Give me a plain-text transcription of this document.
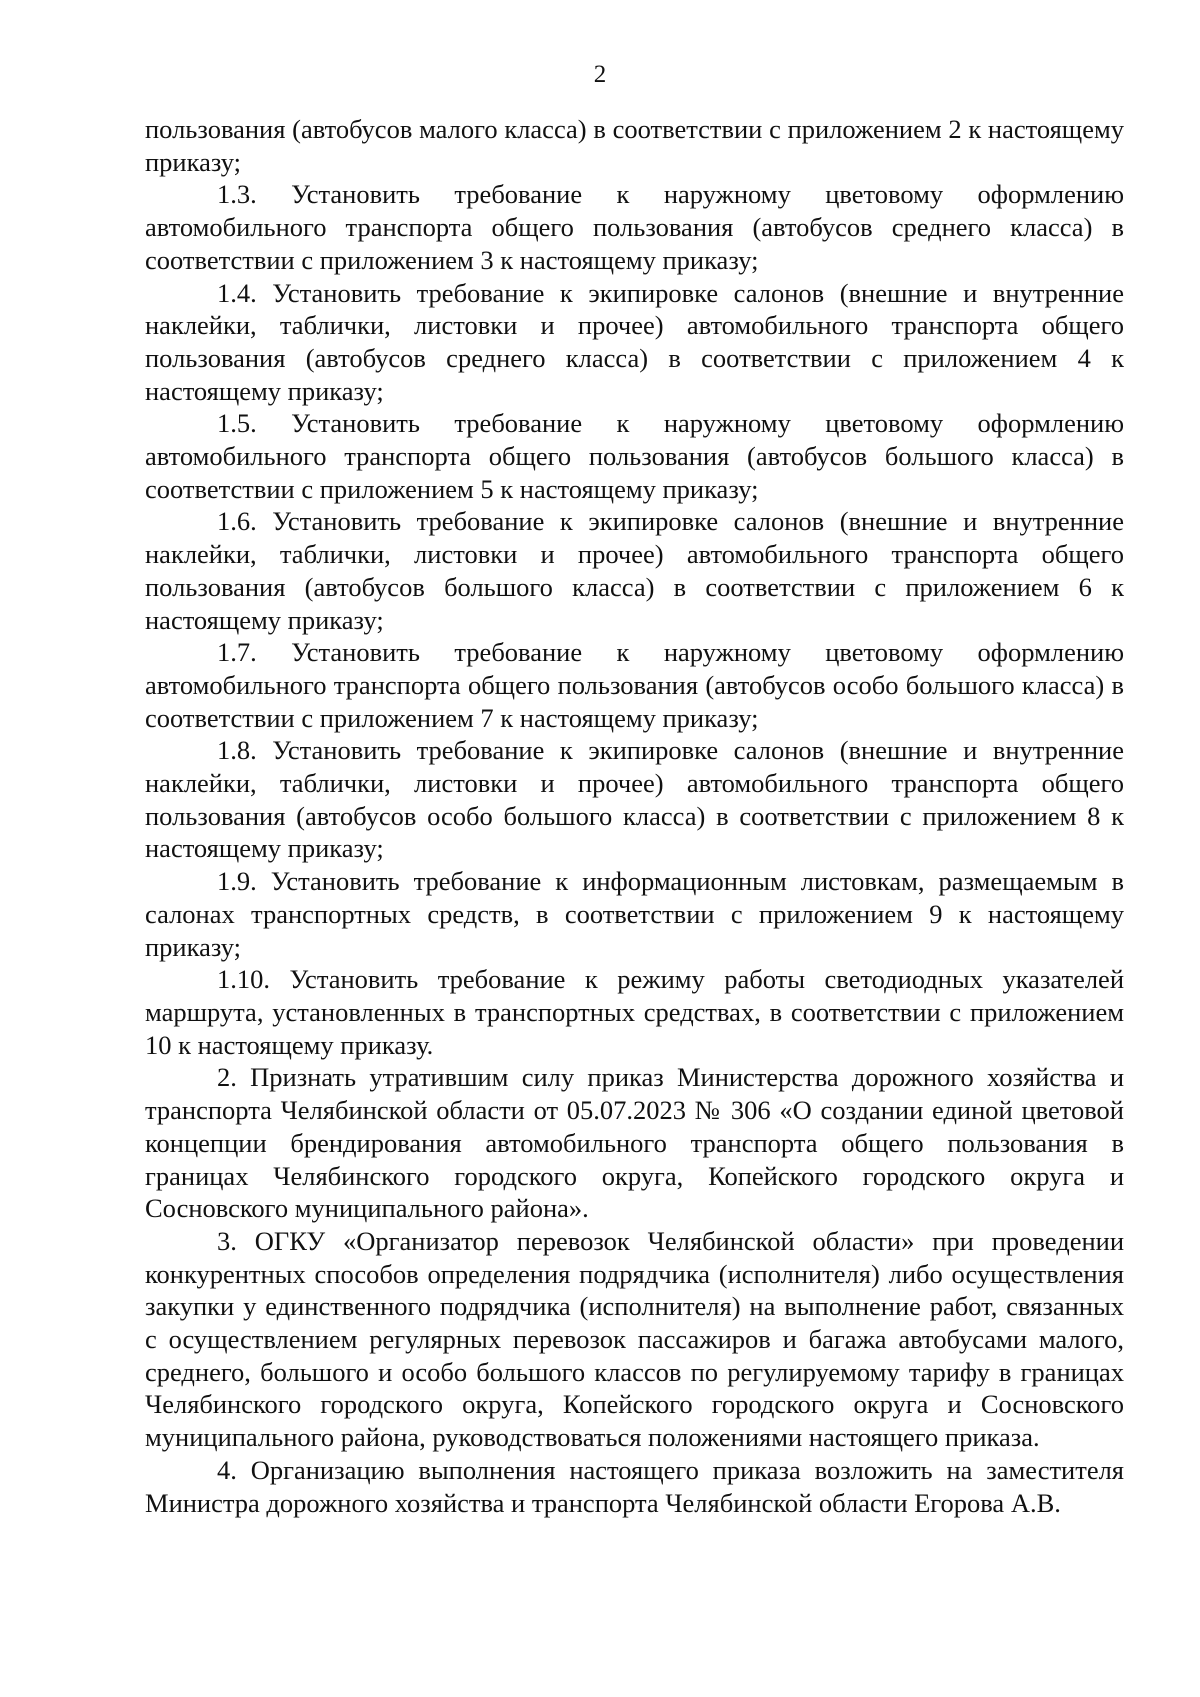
2

пользования (автобусов малого класса) в соответствии с приложением 2 к настоящему приказу;

1.3. Установить требование к наружному цветовому оформлению автомобильного транспорта общего пользования (автобусов среднего класса) в соответствии с приложением 3 к настоящему приказу;

1.4. Установить требование к экипировке салонов (внешние и внутренние наклейки, таблички, листовки и прочее) автомобильного транспорта общего пользования (автобусов среднего класса) в соответствии с приложением 4 к настоящему приказу;

1.5. Установить требование к наружному цветовому оформлению автомобильного транспорта общего пользования (автобусов большого класса) в соответствии с приложением 5 к настоящему приказу;

1.6. Установить требование к экипировке салонов (внешние и внутренние наклейки, таблички, листовки и прочее) автомобильного транспорта общего пользования (автобусов большого класса) в соответствии с приложением 6 к настоящему приказу;

1.7. Установить требование к наружному цветовому оформлению автомобильного транспорта общего пользования (автобусов особо большого класса) в соответствии с приложением 7 к настоящему приказу;

1.8. Установить требование к экипировке салонов (внешние и внутренние наклейки, таблички, листовки и прочее) автомобильного транспорта общего пользования (автобусов особо большого класса) в соответствии с приложением 8 к настоящему приказу;

1.9. Установить требование к информационным листовкам, размещаемым в салонах транспортных средств, в соответствии с приложением 9 к настоящему приказу;

1.10. Установить требование к режиму работы светодиодных указателей маршрута, установленных в транспортных средствах, в соответствии с приложением 10 к настоящему приказу.

2. Признать утратившим силу приказ Министерства дорожного хозяйства и транспорта Челябинской области от 05.07.2023 № 306 «О создании единой цветовой концепции брендирования автомобильного транспорта общего пользования в границах Челябинского городского округа, Копейского городского округа и Сосновского муниципального района».

3. ОГКУ «Организатор перевозок Челябинской области» при проведении конкурентных способов определения подрядчика (исполнителя) либо осуществления закупки у единственного подрядчика (исполнителя) на выполнение работ, связанных с осуществлением регулярных перевозок пассажиров и багажа автобусами малого, среднего, большого и особо большого классов по регулируемому тарифу в границах Челябинского городского округа, Копейского городского округа и Сосновского муниципального района, руководствоваться положениями настоящего приказа.

4. Организацию выполнения настоящего приказа возложить на заместителя Министра дорожного хозяйства и транспорта Челябинской области Егорова А.В.
